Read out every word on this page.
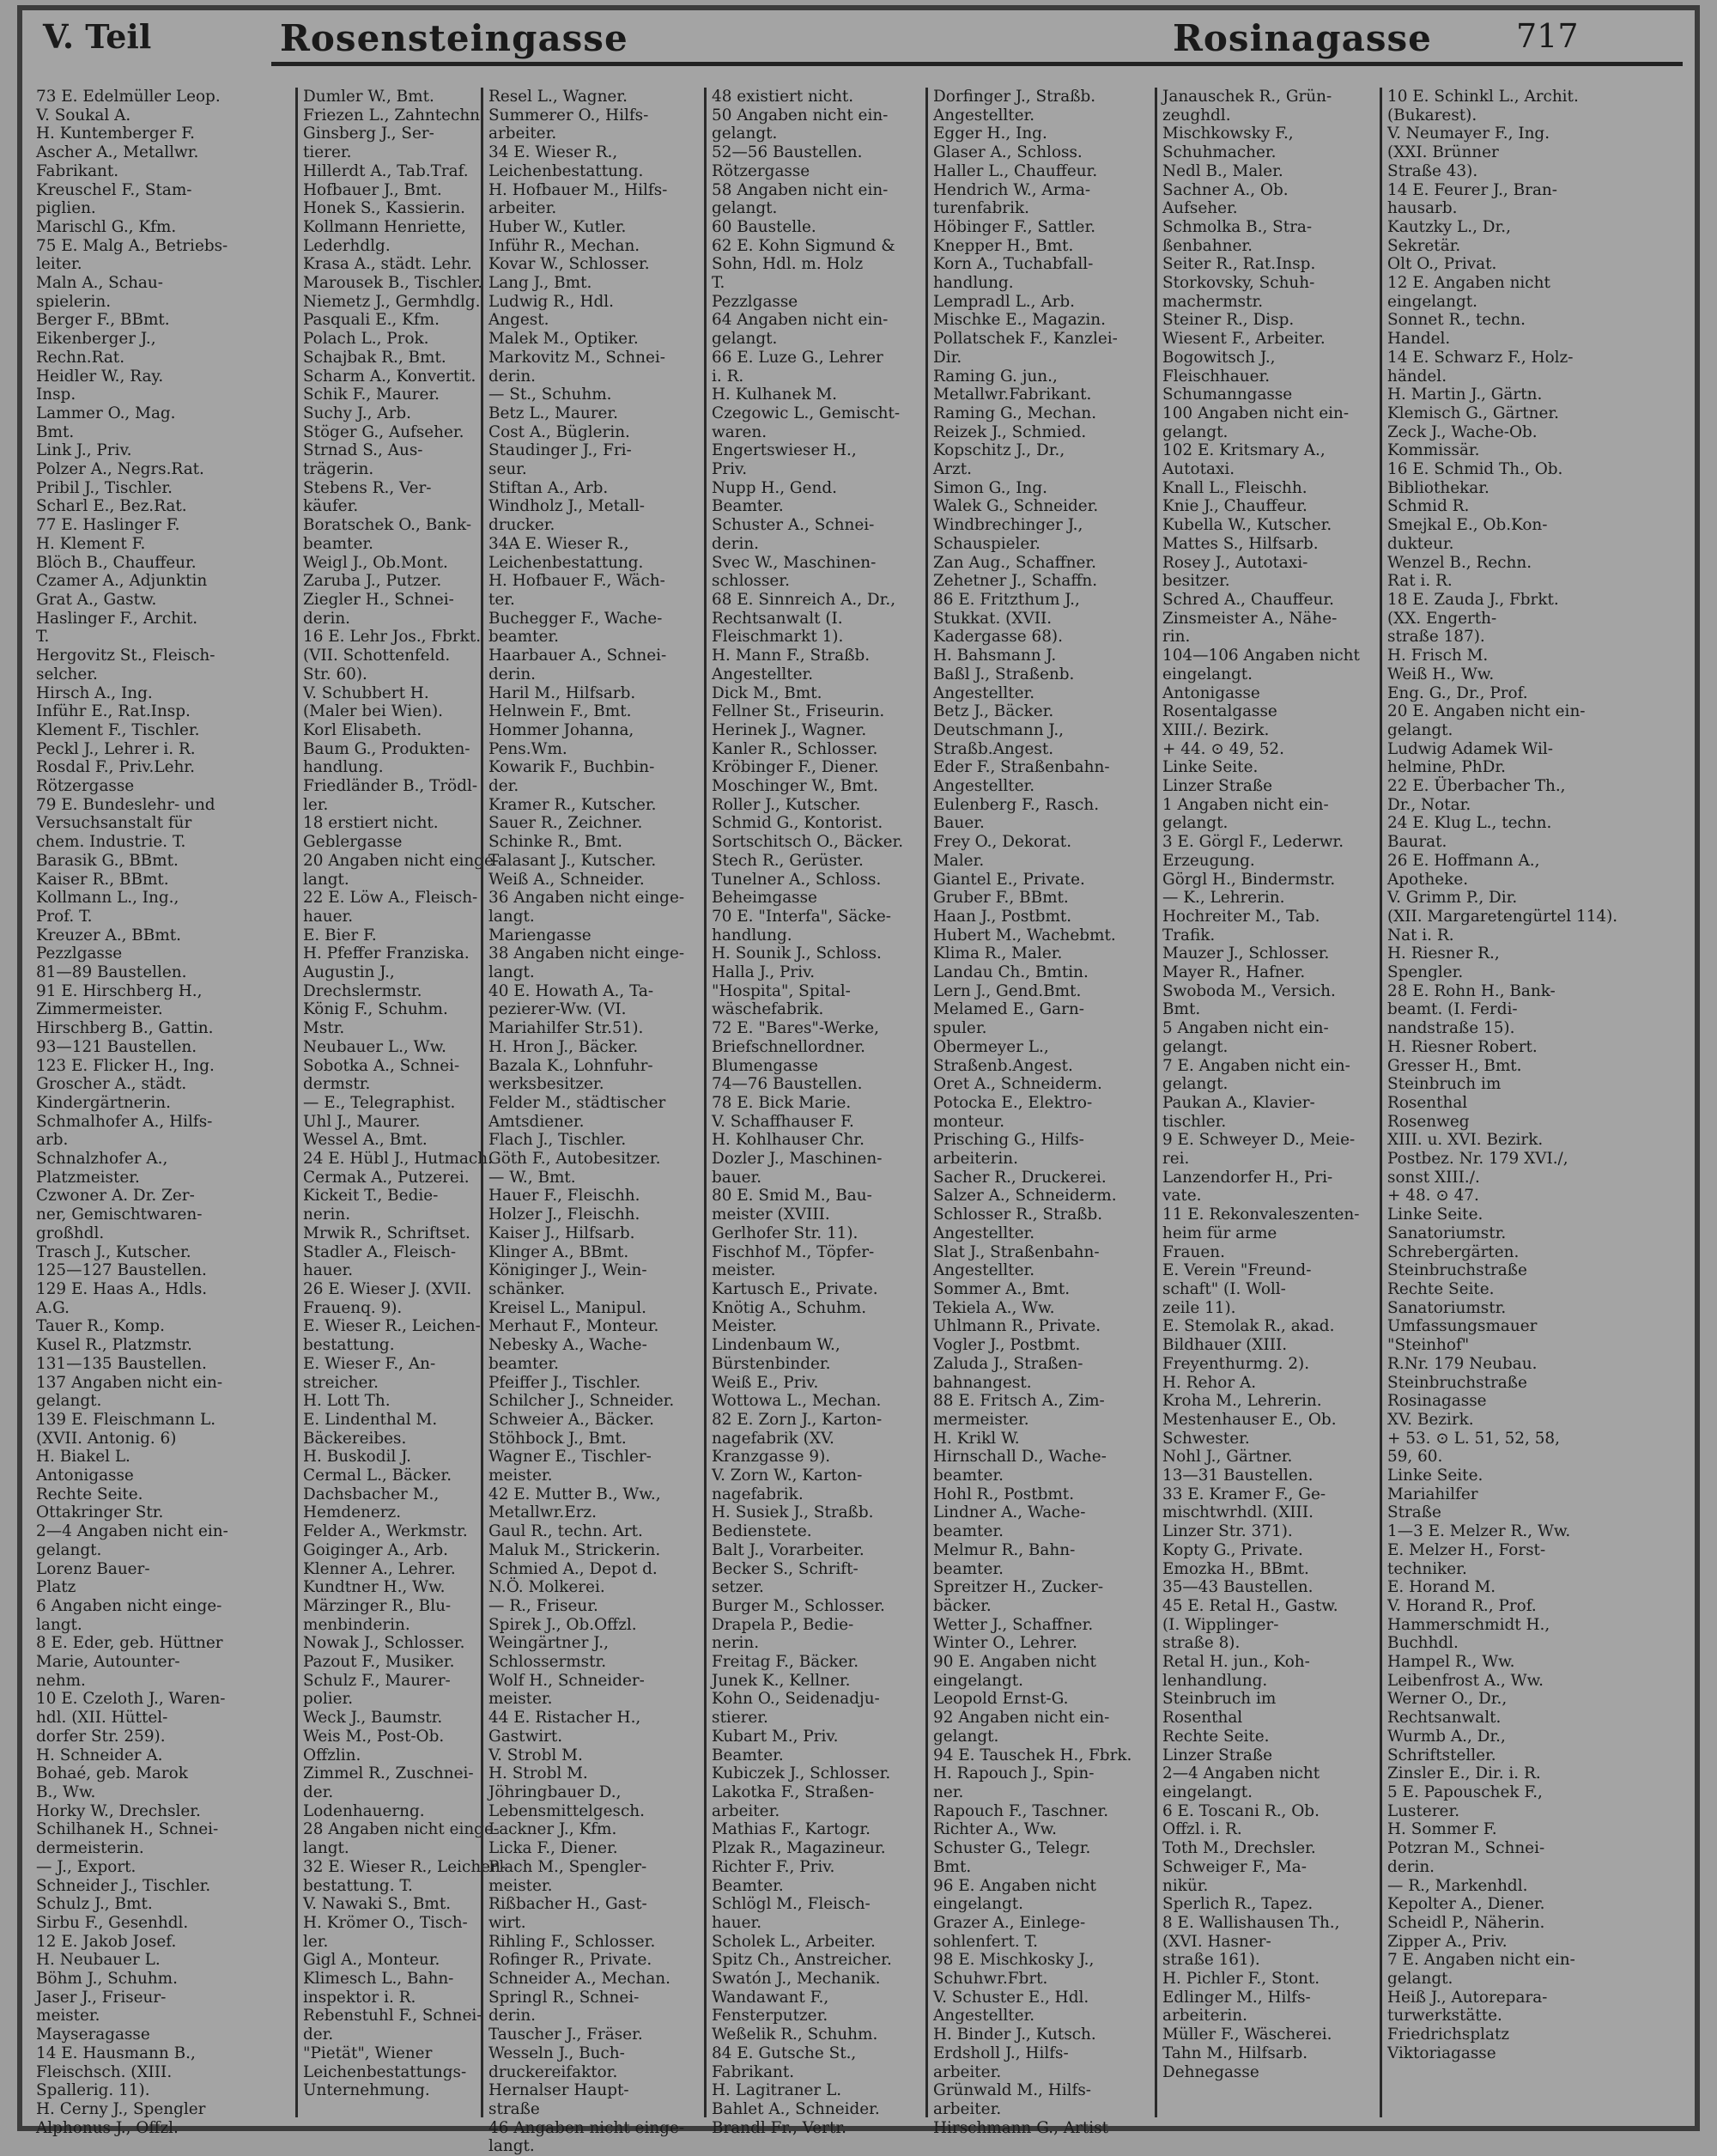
V. Teil	Rosensteingasse	Rosinagasse	717
73 E. Edelmüller Leop.
V. Soukal A.
H. Kuntemberger F.
Ascher A., Metallwr.
Fabrikant.
Kreuschel F., Stam-
piglien.
Marischl G., Kfm.
75 E. Malg A., Betriebs-
leiter.
Maln A., Schau-
spielerin.
Berger F., BBmt.
Eikenberger J.,
Rechn.Rat.
Heidler W., Ray.
Insp.
Lammer O., Mag.
Bmt.
Link J., Priv.
Polzer A., Negrs.Rat.
Pribil J., Tischler.
Scharl E., Bez.Rat.
77 E. Haslinger F.
H. Klement F.
Blöch B., Chauffeur.
Czamer A., Adjunktin
Grat A., Gastw.
Haslinger F., Archit.
T.
Hergovitz St., Fleisch-
selcher.
Hirsch A., Ing.
Inführ E., Rat.Insp.
Klement F., Tischler.
Peckl J., Lehrer i. R.
Rosdal F., Priv.Lehr.
Rötzergasse
79 E. Bundeslehr- und
Versuchsanstalt für
chem. Industrie. T.
Barasik G., BBmt.
Kaiser R., BBmt.
Kollmann L., Ing.,
Prof. T.
Kreuzer A., BBmt.
Pezzlgasse
81—89 Baustellen.
91 E. Hirschberg H.,
Zimmermeister.
Hirschberg B., Gattin.
93—121 Baustellen.
123 E. Flicker H., Ing.
Groscher A., städt.
Kindergärtnerin.
Schmalhofer A., Hilfs-
arb.
Schnalzhofer A.,
Platzmeister.
Czwoner A. Dr. Zer-
ner, Gemischtwaren-
großhdl.
Trasch J., Kutscher.
125—127 Baustellen.
129 E. Haas A., Hdls.
A.G.
Tauer R., Komp.
Kusel R., Platzmstr.
131—135 Baustellen.
137 Angaben nicht ein-
gelangt.
139 E. Fleischmann L.
(XVII. Antonig. 6)
H. Biakel L.
Antonigasse
Rechte Seite.
Ottakringer Str.
2—4 Angaben nicht ein-
gelangt.
Lorenz Bauer-
Platz
6 Angaben nicht einge-
langt.
8 E. Eder, geb. Hüttner
Marie, Autounter-
nehm.
10 E. Czeloth J., Waren-
hdl. (XII. Hüttel-
dorfer Str. 259).
H. Schneider A.
Bohaé, geb. Marok
B., Ww.
Horky W., Drechsler.
Schilhanek H., Schnei-
dermeisterin.
— J., Export.
Schneider J., Tischler.
Schulz J., Bmt.
Sirbu F., Gesenhdl.
12 E. Jakob Josef.
H. Neubauer L.
Böhm J., Schuhm.
Jaser J., Friseur-
meister.
Mayseragasse
14 E. Hausmann B.,
Fleischsch. (XIII.
Spallerig. 11).
H. Cerny J., Spengler
Alphonus J., Offzl.
Dumler W., Bmt.
Friezen L., Zahntechn.
Ginsberg J., Ser-
tierer.
Hillerdt A., Tab.Traf.
Hofbauer J., Bmt.
Honek S., Kassierin.
Kollmann Henriette,
Lederhdlg.
Krasa A., städt. Lehr.
Marousek B., Tischler.
Niemetz J., Germhdlg.
Pasquali E., Kfm.
Polach L., Prok.
Schajbak R., Bmt.
Scharm A., Konvertit.
Schik F., Maurer.
Suchy J., Arb.
Stöger G., Aufseher.
Strnad S., Aus-
trägerin.
Stebens R., Ver-
käufer.
Boratschek O., Bank-
beamter.
Weigl J., Ob.Mont.
Zaruba J., Putzer.
Ziegler H., Schnei-
derin.
16 E. Lehr Jos., Fbrkt.
(VII. Schottenfeld.
Str. 60).
V. Schubbert H.
(Maler bei Wien).
Korl Elisabeth.
Baum G., Produkten-
handlung.
Friedländer B., Trödl-
ler.
18 erstiert nicht.
Geblergasse
20 Angaben nicht einge-
langt.
22 E. Löw A., Fleisch-
hauer.
E. Bier F.
H. Pfeffer Franziska.
Augustin J.,
Drechslermstr.
König F., Schuhm.
Mstr.
Neubauer L., Ww.
Sobotka A., Schnei-
dermstr.
— E., Telegraphist.
Uhl J., Maurer.
Wessel A., Bmt.
24 E. Hübl J., Hutmach.
Cermak A., Putzerei.
Kickeit T., Bedie-
nerin.
Mrwik R., Schriftset.
Stadler A., Fleisch-
hauer.
26 E. Wieser J. (XVII.
Frauenq. 9).
E. Wieser R., Leichen-
bestattung.
E. Wieser F., An-
streicher.
H. Lott Th.
E. Lindenthal M.
Bäckereibes.
H. Buskodil J.
Cermal L., Bäcker.
Dachsbacher M.,
Hemdenerz.
Felder A., Werkmstr.
Goiginger A., Arb.
Klenner A., Lehrer.
Kundtner H., Ww.
Märzinger R., Blu-
menbinderin.
Nowak J., Schlosser.
Pazout F., Musiker.
Schulz F., Maurer-
polier.
Weck J., Baumstr.
Weis M., Post-Ob.
Offzlin.
Zimmel R., Zuschnei-
der.
Lodenhauerng.
28 Angaben nicht einge-
langt.
32 E. Wieser R., Leichen-
bestattung. T.
V. Nawaki S., Bmt.
H. Krömer O., Tisch-
ler.
Gigl A., Monteur.
Klimesch L., Bahn-
inspektor i. R.
Rebenstuhl F., Schnei-
der.
"Pietät", Wiener
Leichenbestattungs-
Unternehmung.
Resel L., Wagner.
Summerer O., Hilfs-
arbeiter.
34 E. Wieser R.,
Leichenbestattung.
H. Hofbauer M., Hilfs-
arbeiter.
Huber W., Kutler.
Inführ R., Mechan.
Kovar W., Schlosser.
Lang J., Bmt.
Ludwig R., Hdl.
Angest.
Malek M., Optiker.
Markovitz M., Schnei-
derin.
— St., Schuhm.
Betz L., Maurer.
Cost A., Büglerin.
Staudinger J., Fri-
seur.
Stiftan A., Arb.
Windholz J., Metall-
drucker.
34A E. Wieser R.,
Leichenbestattung.
H. Hofbauer F., Wäch-
ter.
Buchegger F., Wache-
beamter.
Haarbauer A., Schnei-
derin.
Haril M., Hilfsarb.
Helnwein F., Bmt.
Hommer Johanna,
Pens.Wm.
Kowarik F., Buchbin-
der.
Kramer R., Kutscher.
Sauer R., Zeichner.
Schinke R., Bmt.
Talasant J., Kutscher.
Weiß A., Schneider.
36 Angaben nicht einge-
langt.
Mariengasse
38 Angaben nicht einge-
langt.
40 E. Howath A., Ta-
pezierer-Ww. (VI.
Mariahilfer Str.51).
H. Hron J., Bäcker.
Bazala K., Lohnfuhr-
werksbesitzer.
Felder M., städtischer
Amtsdiener.
Flach J., Tischler.
Göth F., Autobesitzer.
— W., Bmt.
Hauer F., Fleischh.
Holzer J., Fleischh.
Kaiser J., Hilfsarb.
Klinger A., BBmt.
Königinger J., Wein-
schänker.
Kreisel L., Manipul.
Merhaut F., Monteur.
Nebesky A., Wache-
beamter.
Pfeiffer J., Tischler.
Schilcher J., Schneider.
Schweier A., Bäcker.
Stöhbock J., Bmt.
Wagner E., Tischler-
meister.
42 E. Mutter B., Ww.,
Metallwr.Erz.
Gaul R., techn. Art.
Maluk M., Strickerin.
Schmied A., Depot d.
N.Ö. Molkerei.
— R., Friseur.
Spirek J., Ob.Offzl.
Weingärtner J.,
Schlossermstr.
Wolf H., Schneider-
meister.
44 E. Ristacher H.,
Gastwirt.
V. Strobl M.
H. Strobl M.
Jöhringbauer D.,
Lebensmittelgesch.
Lackner J., Kfm.
Licka F., Diener.
Plach M., Spengler-
meister.
Rißbacher H., Gast-
wirt.
Rihling F., Schlosser.
Rofinger R., Private.
Schneider A., Mechan.
Springl R., Schnei-
derin.
Tauscher J., Fräser.
Wesseln J., Buch-
druckereifaktor.
Hernalser Haupt-
straße
46 Angaben nicht einge-
langt.
48 existiert nicht.
50 Angaben nicht ein-
gelangt.
52—56 Baustellen.
Rötzergasse
58 Angaben nicht ein-
gelangt.
60 Baustelle.
62 E. Kohn Sigmund &
Sohn, Hdl. m. Holz
T.
Pezzlgasse
64 Angaben nicht ein-
gelangt.
66 E. Luze G., Lehrer
i. R.
H. Kulhanek M.
Czegowic L., Gemischt-
waren.
Engertswieser H.,
Priv.
Nupp H., Gend.
Beamter.
Schuster A., Schnei-
derin.
Svec W., Maschinen-
schlosser.
68 E. Sinnreich A., Dr.,
Rechtsanwalt (I.
Fleischmarkt 1).
H. Mann F., Straßb.
Angestellter.
Dick M., Bmt.
Fellner St., Friseurin.
Herinek J., Wagner.
Kanler R., Schlosser.
Kröbinger F., Diener.
Moschinger W., Bmt.
Roller J., Kutscher.
Schmid G., Kontorist.
Sortschitsch O., Bäcker.
Stech R., Gerüster.
Tunelner A., Schloss.
Beheimgasse
70 E. "Interfa", Säcke-
handlung.
H. Sounik J., Schloss.
Halla J., Priv.
"Hospita", Spital-
wäschefabrik.
72 E. "Bares"-Werke,
Briefschnellordner.
Blumengasse
74—76 Baustellen.
78 E. Bick Marie.
V. Schaffhauser F.
H. Kohlhauser Chr.
Dozler J., Maschinen-
bauer.
80 E. Smid M., Bau-
meister (XVIII.
Gerlhofer Str. 11).
Fischhof M., Töpfer-
meister.
Kartusch E., Private.
Knötig A., Schuhm.
Meister.
Lindenbaum W.,
Bürstenbinder.
Weiß E., Priv.
Wottowa L., Mechan.
82 E. Zorn J., Karton-
nagefabrik (XV.
Kranzgasse 9).
V. Zorn W., Karton-
nagefabrik.
H. Susiek J., Straßb.
Bedienstete.
Balt J., Vorarbeiter.
Becker S., Schrift-
setzer.
Burger M., Schlosser.
Drapela P., Bedie-
nerin.
Freitag F., Bäcker.
Junek K., Kellner.
Kohn O., Seidenadju-
stierer.
Kubart M., Priv.
Beamter.
Kubiczek J., Schlosser.
Lakotka F., Straßen-
arbeiter.
Mathias F., Kartogr.
Plzak R., Magazineur.
Richter F., Priv.
Beamter.
Schlögl M., Fleisch-
hauer.
Scholek L., Arbeiter.
Spitz Ch., Anstreicher.
Swatón J., Mechanik.
Wandawant F.,
Fensterputzer.
Weßelik R., Schuhm.
84 E. Gutsche St.,
Fabrikant.
H. Lagitraner L.
Bahlet A., Schneider.
Brandl Fr., Vertr.
Dorfinger J., Straßb.
Angestellter.
Egger H., Ing.
Glaser A., Schloss.
Haller L., Chauffeur.
Hendrich W., Arma-
turenfabrik.
Höbinger F., Sattler.
Knepper H., Bmt.
Korn A., Tuchabfall-
handlung.
Lempradl L., Arb.
Mischke E., Magazin.
Pollatschek F., Kanzlei-
Dir.
Raming G. jun.,
Metallwr.Fabrikant.
Raming G., Mechan.
Reizek J., Schmied.
Kopschitz J., Dr.,
Arzt.
Simon G., Ing.
Walek G., Schneider.
Windbrechinger J.,
Schauspieler.
Zan Aug., Schaffner.
Zehetner J., Schaffn.
86 E. Fritzthum J.,
Stukkat. (XVII.
Kadergasse 68).
H. Bahsmann J.
Baßl J., Straßenb.
Angestellter.
Betz J., Bäcker.
Deutschmann J.,
Straßb.Angest.
Eder F., Straßenbahn-
Angestellter.
Eulenberg F., Rasch.
Bauer.
Frey O., Dekorat.
Maler.
Giantel E., Private.
Gruber F., BBmt.
Haan J., Postbmt.
Hubert M., Wachebmt.
Klima R., Maler.
Landau Ch., Bmtin.
Lern J., Gend.Bmt.
Melamed E., Garn-
spuler.
Obermeyer L.,
Straßenb.Angest.
Oret A., Schneiderm.
Potocka E., Elektro-
monteur.
Prisching G., Hilfs-
arbeiterin.
Sacher R., Druckerei.
Salzer A., Schneiderm.
Schlosser R., Straßb.
Angestellter.
Slat J., Straßenbahn-
Angestellter.
Sommer A., Bmt.
Tekiela A., Ww.
Uhlmann R., Private.
Vogler J., Postbmt.
Zaluda J., Straßen-
bahnangest.
88 E. Fritsch A., Zim-
mermeister.
H. Krikl W.
Hirnschall D., Wache-
beamter.
Hohl R., Postbmt.
Lindner A., Wache-
beamter.
Melmur R., Bahn-
beamter.
Spreitzer H., Zucker-
bäcker.
Wetter J., Schaffner.
Winter O., Lehrer.
90 E. Angaben nicht
eingelangt.
Leopold Ernst-G.
92 Angaben nicht ein-
gelangt.
94 E. Tauschek H., Fbrk.
H. Rapouch J., Spin-
ner.
Rapouch F., Taschner.
Richter A., Ww.
Schuster G., Telegr.
Bmt.
96 E. Angaben nicht
eingelangt.
Grazer A., Einlege-
sohlenfert. T.
98 E. Mischkosky J.,
Schuhwr.Fbrt.
V. Schuster E., Hdl.
Angestellter.
H. Binder J., Kutsch.
Erdsholl J., Hilfs-
arbeiter.
Grünwald M., Hilfs-
arbeiter.
Hirschmann G., Artist
Janauschek R., Grün-
zeughdl.
Mischkowsky F.,
Schuhmacher.
Nedl B., Maler.
Sachner A., Ob.
Aufseher.
Schmolka B., Stra-
ßenbahner.
Seiter R., Rat.Insp.
Storkovsky, Schuh-
machermstr.
Steiner R., Disp.
Wiesent F., Arbeiter.
Bogowitsch J.,
Fleischhauer.
Schumanngasse
100 Angaben nicht ein-
gelangt.
102 E. Kritsmary A.,
Autotaxi.
Knall L., Fleischh.
Knie J., Chauffeur.
Kubella W., Kutscher.
Mattes S., Hilfsarb.
Rosey J., Autotaxi-
besitzer.
Schred A., Chauffeur.
Zinsmeister A., Nähe-
rin.
104—106 Angaben nicht
eingelangt.
Antonigasse
Rosentalgasse
XIII./. Bezirk.
+ 44. ⊙ 49, 52.
Linke Seite.
Linzer Straße
1 Angaben nicht ein-
gelangt.
3 E. Görgl F., Lederwr.
Erzeugung.
Görgl H., Bindermstr.
— K., Lehrerin.
Hochreiter M., Tab.
Trafik.
Mauzer J., Schlosser.
Mayer R., Hafner.
Swoboda M., Versich.
Bmt.
5 Angaben nicht ein-
gelangt.
7 E. Angaben nicht ein-
gelangt.
Paukan A., Klavier-
tischler.
9 E. Schweyer D., Meie-
rei.
Lanzendorfer H., Pri-
vate.
11 E. Rekonvaleszenten-
heim für arme
Frauen.
E. Verein "Freund-
schaft" (I. Woll-
zeile 11).
E. Stemolak R., akad.
Bildhauer (XIII.
Freyenthurmg. 2).
H. Rehor A.
Kroha M., Lehrerin.
Mestenhauser E., Ob.
Schwester.
Nohl J., Gärtner.
13—31 Baustellen.
33 E. Kramer F., Ge-
mischtwrhdl. (XIII.
Linzer Str. 371).
Kopty G., Private.
Emozka H., BBmt.
35—43 Baustellen.
45 E. Retal H., Gastw.
(I. Wipplinger-
straße 8).
Retal H. jun., Koh-
lenhandlung.
Steinbruch im
Rosenthal
Rechte Seite.
Linzer Straße
2—4 Angaben nicht
eingelangt.
6 E. Toscani R., Ob.
Offzl. i. R.
Toth M., Drechsler.
Schweiger F., Ma-
nikür.
Sperlich R., Tapez.
8 E. Wallishausen Th.,
(XVI. Hasner-
straße 161).
H. Pichler F., Stont.
Edlinger M., Hilfs-
arbeiterin.
Müller F., Wäscherei.
Tahn M., Hilfsarb.
Dehnegasse
10 E. Schinkl L., Archit.
(Bukarest).
V. Neumayer F., Ing.
(XXI. Brünner
Straße 43).
14 E. Feurer J., Bran-
hausarb.
Kautzky L., Dr.,
Sekretär.
Olt O., Privat.
12 E. Angaben nicht
eingelangt.
Sonnet R., techn.
Handel.
14 E. Schwarz F., Holz-
händel.
H. Martin J., Gärtn.
Klemisch G., Gärtner.
Zeck J., Wache-Ob.
Kommissär.
16 E. Schmid Th., Ob.
Bibliothekar.
Schmid R.
Smejkal E., Ob.Kon-
dukteur.
Wenzel B., Rechn.
Rat i. R.
18 E. Zauda J., Fbrkt.
(XX. Engerth-
straße 187).
H. Frisch M.
Weiß H., Ww.
Eng. G., Dr., Prof.
20 E. Angaben nicht ein-
gelangt.
Ludwig Adamek Wil-
helmine, PhDr.
22 E. Überbacher Th.,
Dr., Notar.
24 E. Klug L., techn.
Baurat.
26 E. Hoffmann A.,
Apotheke.
V. Grimm P., Dir.
(XII. Margaretengürtel 114).
Nat i. R.
H. Riesner R.,
Spengler.
28 E. Rohn H., Bank-
beamt. (I. Ferdi-
nandstraße 15).
H. Riesner Robert.
Gresser H., Bmt.
Steinbruch im
Rosenthal
Rosenweg
XIII. u. XVI. Bezirk.
Postbez. Nr. 179 XVI./,
sonst XIII./.
+ 48. ⊙ 47.
Linke Seite.
Sanatoriumstr.
Schrebergärten.
Steinbruchstraße
Rechte Seite.
Sanatoriumstr.
Umfassungsmauer
"Steinhof"
R.Nr. 179 Neubau.
Steinbruchstraße
Rosinagasse
XV. Bezirk.
+ 53. ⊙ L. 51, 52, 58,
59, 60.
Linke Seite.
Mariahilfer
Straße
1—3 E. Melzer R., Ww.
E. Melzer H., Forst-
techniker.
E. Horand M.
V. Horand R., Prof.
Hammerschmidt H.,
Buchhdl.
Hampel R., Ww.
Leibenfrost A., Ww.
Werner O., Dr.,
Rechtsanwalt.
Wurmb A., Dr.,
Schriftsteller.
Zinsler E., Dir. i. R.
5 E. Papouschek F.,
Lusterer.
H. Sommer F.
Potzran M., Schnei-
derin.
— R., Markenhdl.
Kepolter A., Diener.
Scheidl P., Näherin.
Zipper A., Priv.
7 E. Angaben nicht ein-
gelangt.
Heiß J., Autorepara-
turwerkstätte.
Friedrichsplatz
Viktoriagasse
